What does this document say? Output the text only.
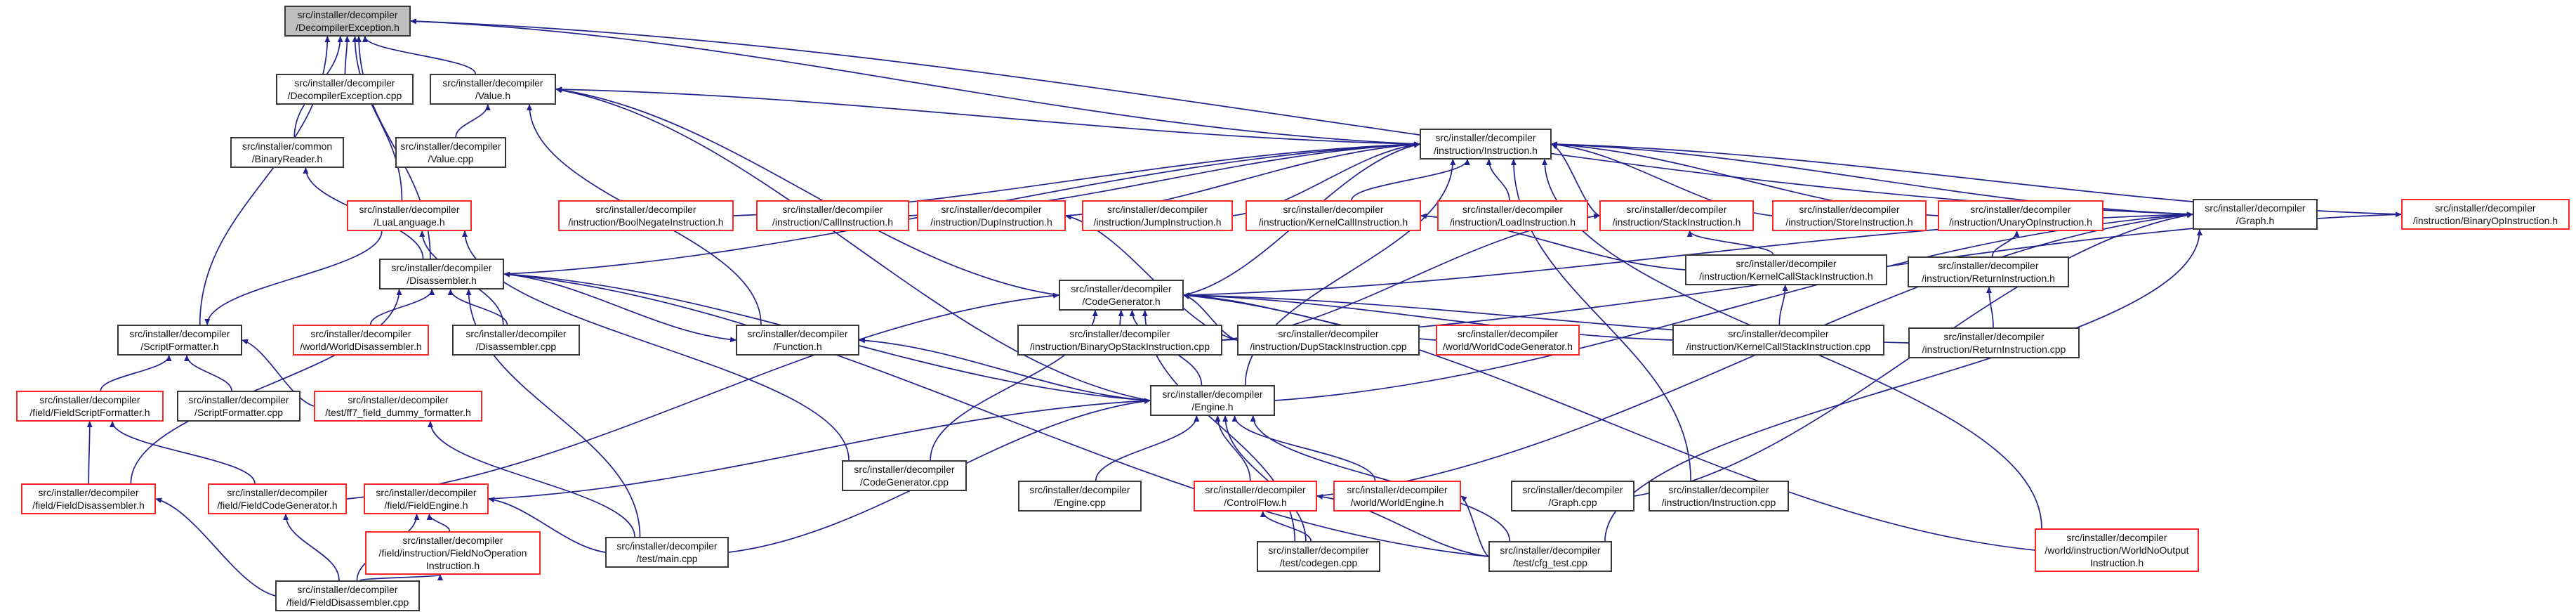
src/installer/decompiler
/DecompilerException.h
src/installer/decompiler
/DecompilerException.cpp
src/installer/decompiler
/Value.h
src/installer/common
/BinaryReader.h
src/installer/decompiler
/Value.cpp
src/installer/decompiler
/instruction/Instruction.h
src/installer/decompiler
/LuaLanguage.h
src/installer/decompiler
/instruction/BoolNegateInstruction.h
src/installer/decompiler
/instruction/CallInstruction.h
src/installer/decompiler
/instruction/DupInstruction.h
src/installer/decompiler
/instruction/JumpInstruction.h
src/installer/decompiler
/instruction/KernelCallInstruction.h
src/installer/decompiler
/instruction/LoadInstruction.h
src/installer/decompiler
/instruction/StackInstruction.h
src/installer/decompiler
/instruction/StoreInstruction.h
src/installer/decompiler
/instruction/UnaryOpInstruction.h
src/installer/decompiler
/Graph.h
src/installer/decompiler
/instruction/BinaryOpInstruction.h
src/installer/decompiler
/Disassembler.h
src/installer/decompiler
/CodeGenerator.h
src/installer/decompiler
/instruction/KernelCallStackInstruction.h
src/installer/decompiler
/instruction/ReturnInstruction.h
src/installer/decompiler
/ScriptFormatter.h
src/installer/decompiler
/world/WorldDisassembler.h
src/installer/decompiler
/Disassembler.cpp
src/installer/decompiler
/Function.h
src/installer/decompiler
/instruction/BinaryOpStackInstruction.cpp
src/installer/decompiler
/instruction/DupStackInstruction.cpp
src/installer/decompiler
/world/WorldCodeGenerator.h
src/installer/decompiler
/instruction/KernelCallStackInstruction.cpp
src/installer/decompiler
/instruction/ReturnInstruction.cpp
src/installer/decompiler
/field/FieldScriptFormatter.h
src/installer/decompiler
/ScriptFormatter.cpp
src/installer/decompiler
/test/ff7_field_dummy_formatter.h
src/installer/decompiler
/Engine.h
src/installer/decompiler
/field/FieldDisassembler.h
src/installer/decompiler
/field/FieldCodeGenerator.h
src/installer/decompiler
/field/FieldEngine.h
src/installer/decompiler
/CodeGenerator.cpp
src/installer/decompiler
/Engine.cpp
src/installer/decompiler
/ControlFlow.h
src/installer/decompiler
/world/WorldEngine.h
src/installer/decompiler
/Graph.cpp
src/installer/decompiler
/instruction/Instruction.cpp
src/installer/decompiler
/field/instruction/FieldNoOperation
Instruction.h
src/installer/decompiler
/test/main.cpp
src/installer/decompiler
/test/codegen.cpp
src/installer/decompiler
/test/cfg_test.cpp
src/installer/decompiler
/world/instruction/WorldNoOutput
Instruction.h
src/installer/decompiler
/field/FieldDisassembler.cpp
